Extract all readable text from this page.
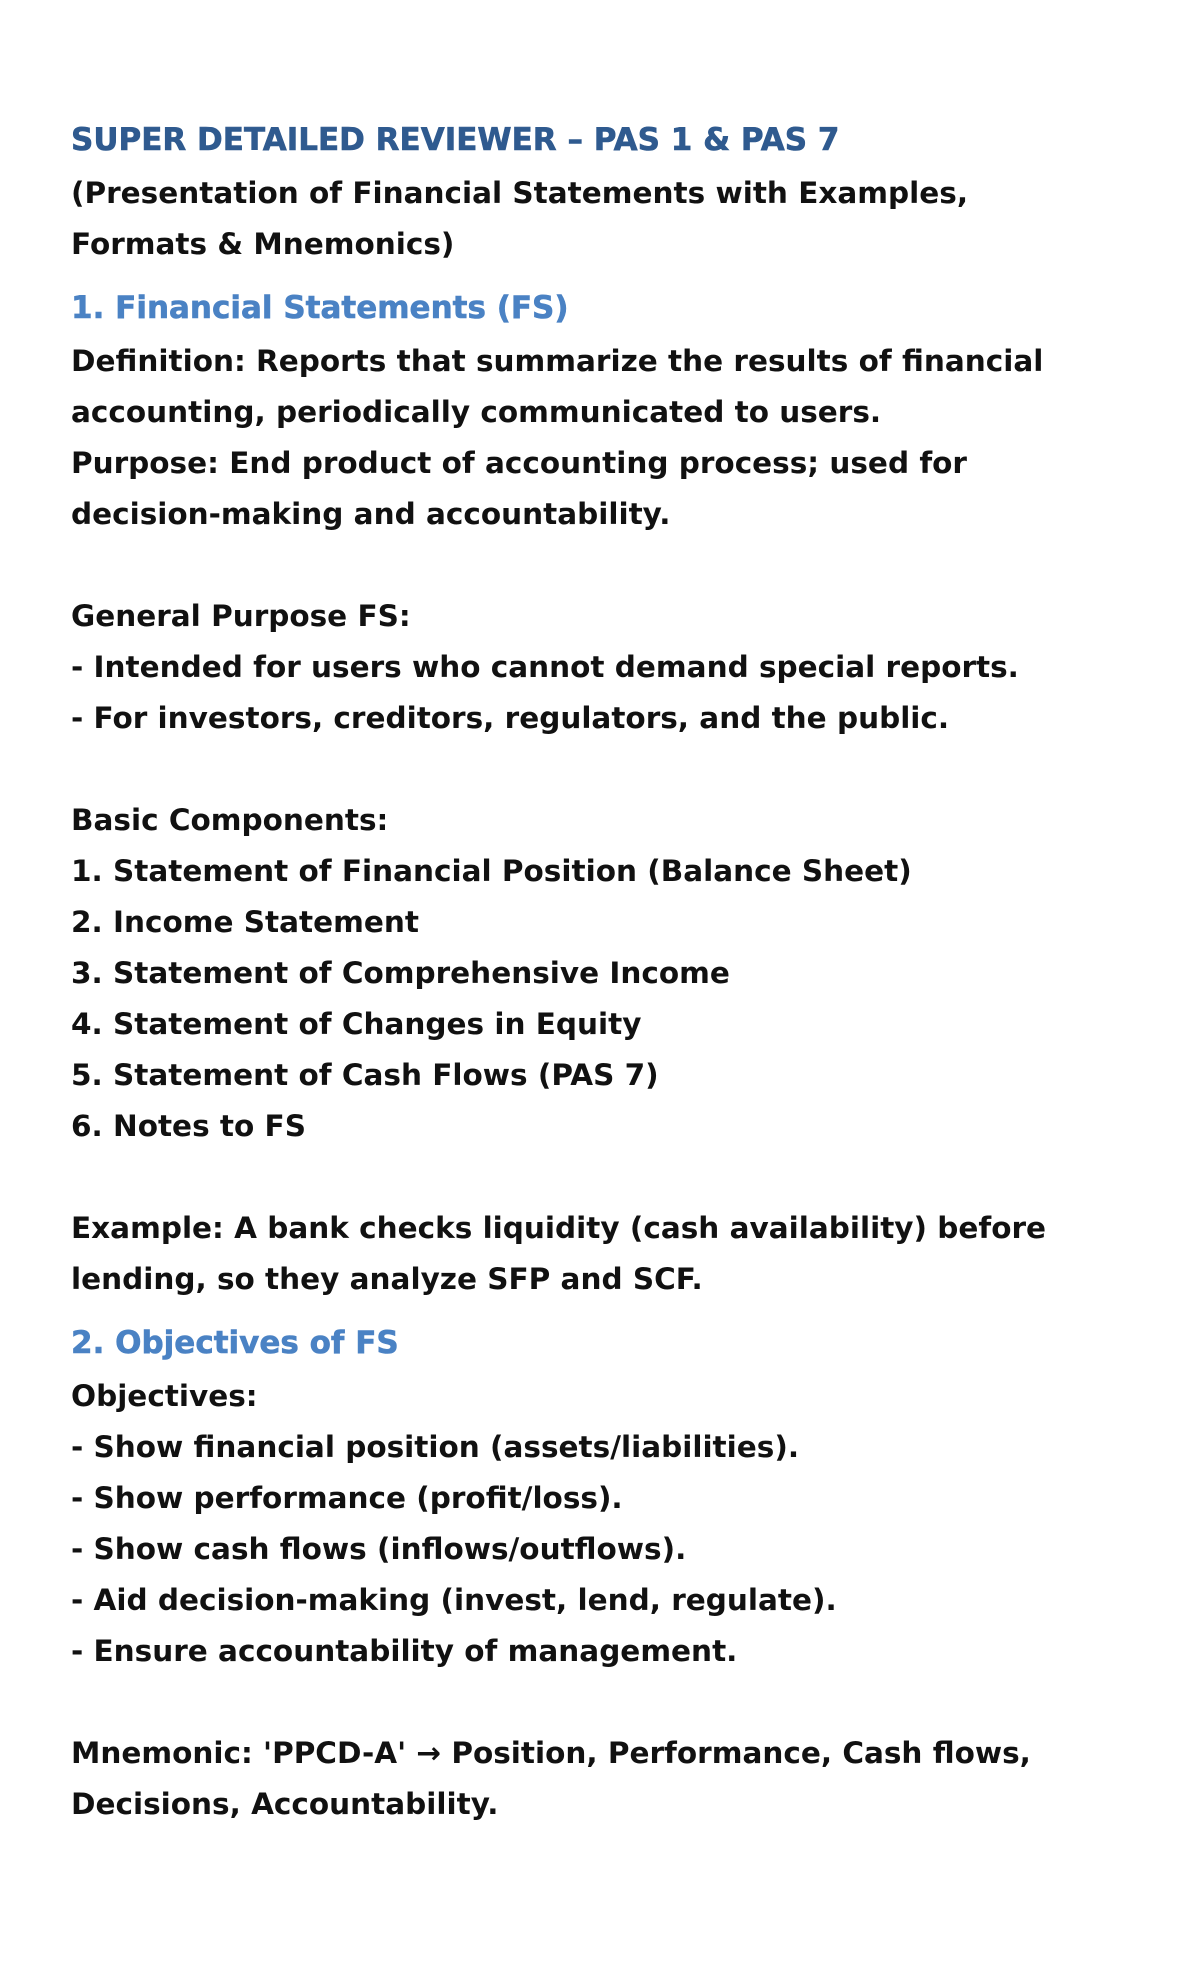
SUPER DETAILED REVIEWER – PAS 1 & PAS 7
(Presentation of Financial Statements with Examples,
Formats & Mnemonics)
1. Financial Statements (FS)
Definition: Reports that summarize the results of financial
accounting, periodically communicated to users.
Purpose: End product of accounting process; used for
decision-making and accountability.
General Purpose FS:
- Intended for users who cannot demand special reports.
- For investors, creditors, regulators, and the public.
Basic Components:
1. Statement of Financial Position (Balance Sheet)
2. Income Statement
3. Statement of Comprehensive Income
4. Statement of Changes in Equity
5. Statement of Cash Flows (PAS 7)
6. Notes to FS
Example: A bank checks liquidity (cash availability) before
lending, so they analyze SFP and SCF.
2. Objectives of FS
Objectives:
- Show financial position (assets/liabilities).
- Show performance (profit/loss).
- Show cash flows (inflows/outflows).
- Aid decision-making (invest, lend, regulate).
- Ensure accountability of management.
Mnemonic: 'PPCD-A' → Position, Performance, Cash flows,
Decisions, Accountability.
